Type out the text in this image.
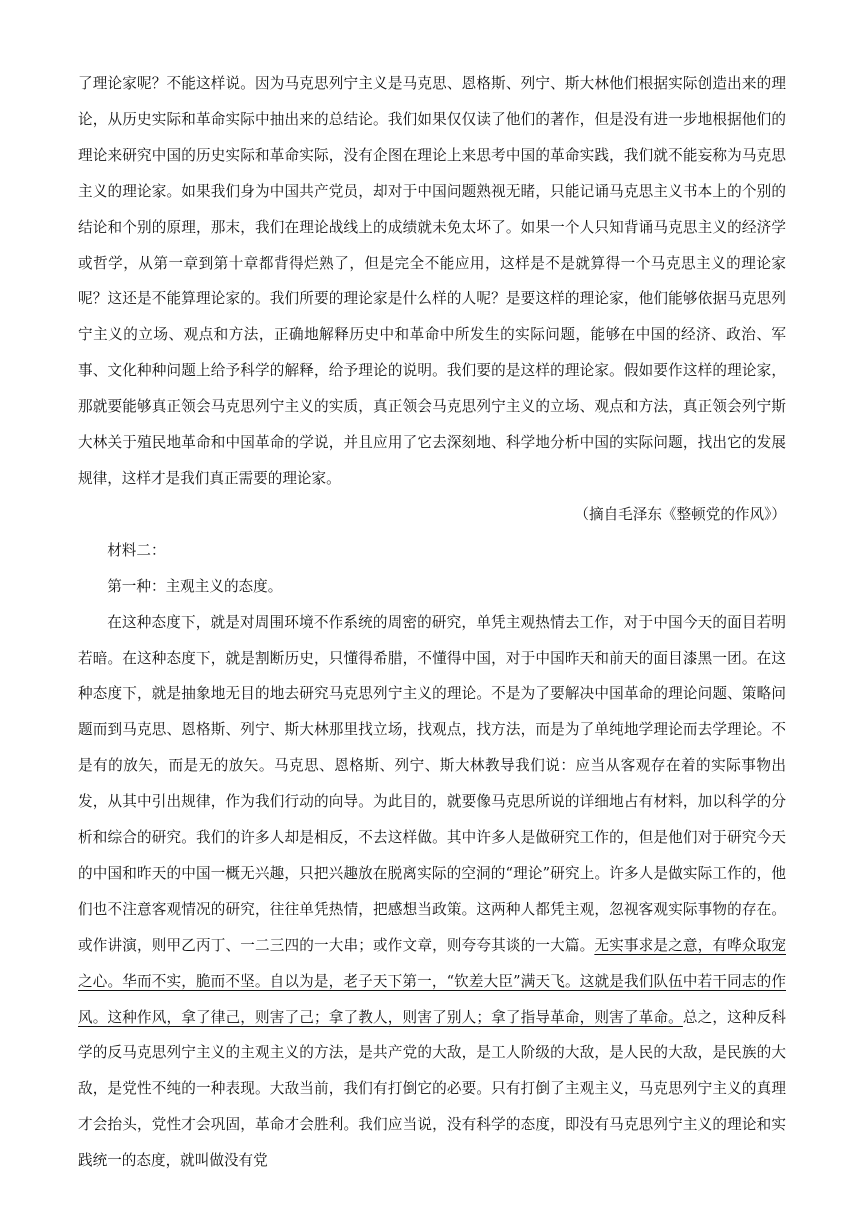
了理论家呢？不能这样说。因为马克思列宁主义是马克思、恩格斯、列宁、斯大林他们根据实际创造出来的理论，从历史实际和革命实际中抽出来的总结论。我们如果仅仅读了他们的著作，但是没有进一步地根据他们的理论来研究中国的历史实际和革命实际，没有企图在理论上来思考中国的革命实践，我们就不能妄称为马克思主义的理论家。如果我们身为中国共产党员，却对于中国问题熟视无睹，只能记诵马克思主义书本上的个别的结论和个别的原理，那末，我们在理论战线上的成绩就未免太坏了。如果一个人只知背诵马克思主义的经济学或哲学，从第一章到第十章都背得烂熟了，但是完全不能应用，这样是不是就算得一个马克思主义的理论家呢？这还是不能算理论家的。我们所要的理论家是什么样的人呢？是要这样的理论家，他们能够依据马克思列宁主义的立场、观点和方法，正确地解释历史中和革命中所发生的实际问题，能够在中国的经济、政治、军事、文化种种问题上给予科学的解释，给予理论的说明。我们要的是这样的理论家。假如要作这样的理论家，那就要能够真正领会马克思列宁主义的实质，真正领会马克思列宁主义的立场、观点和方法，真正领会列宁斯大林关于殖民地革命和中国革命的学说，并且应用了它去深刻地、科学地分析中国的实际问题，找出它的发展规律，这样才是我们真正需要的理论家。

（摘自毛泽东《整顿党的作风》）

材料二：

第一种：主观主义的态度。

在这种态度下，就是对周围环境不作系统的周密的研究，单凭主观热情去工作，对于中国今天的面目若明若暗。在这种态度下，就是割断历史，只懂得希腊，不懂得中国，对于中国昨天和前天的面目漆黑一团。在这种态度下，就是抽象地无目的地去研究马克思列宁主义的理论。不是为了要解决中国革命的理论问题、策略问题而到马克思、恩格斯、列宁、斯大林那里找立场，找观点，找方法，而是为了单纯地学理论而去学理论。不是有的放矢，而是无的放矢。马克思、恩格斯、列宁、斯大林教导我们说：应当从客观存在着的实际事物出发，从其中引出规律，作为我们行动的向导。为此目的，就要像马克思所说的详细地占有材料，加以科学的分析和综合的研究。我们的许多人却是相反，不去这样做。其中许多人是做研究工作的，但是他们对于研究今天的中国和昨天的中国一概无兴趣，只把兴趣放在脱离实际的空洞的“理论”研究上。许多人是做实际工作的，他们也不注意客观情况的研究，往往单凭热情，把感想当政策。这两种人都凭主观，忽视客观实际事物的存在。或作讲演，则甲乙丙丁、一二三四的一大串；或作文章，则夸夸其谈的一大篇。无实事求是之意，有哗众取宠之心。华而不实，脆而不坚。自以为是，老子天下第一，“钦差大臣”满天飞。这就是我们队伍中若干同志的作风。这种作风，拿了律己，则害了己；拿了教人，则害了别人；拿了指导革命，则害了革命。总之，这种反科学的反马克思列宁主义的主观主义的方法，是共产党的大敌，是工人阶级的大敌，是人民的大敌，是民族的大敌，是党性不纯的一种表现。大敌当前，我们有打倒它的必要。只有打倒了主观主义，马克思列宁主义的真理才会抬头，党性才会巩固，革命才会胜利。我们应当说，没有科学的态度，即没有马克思列宁主义的理论和实践统一的态度，就叫做没有党
